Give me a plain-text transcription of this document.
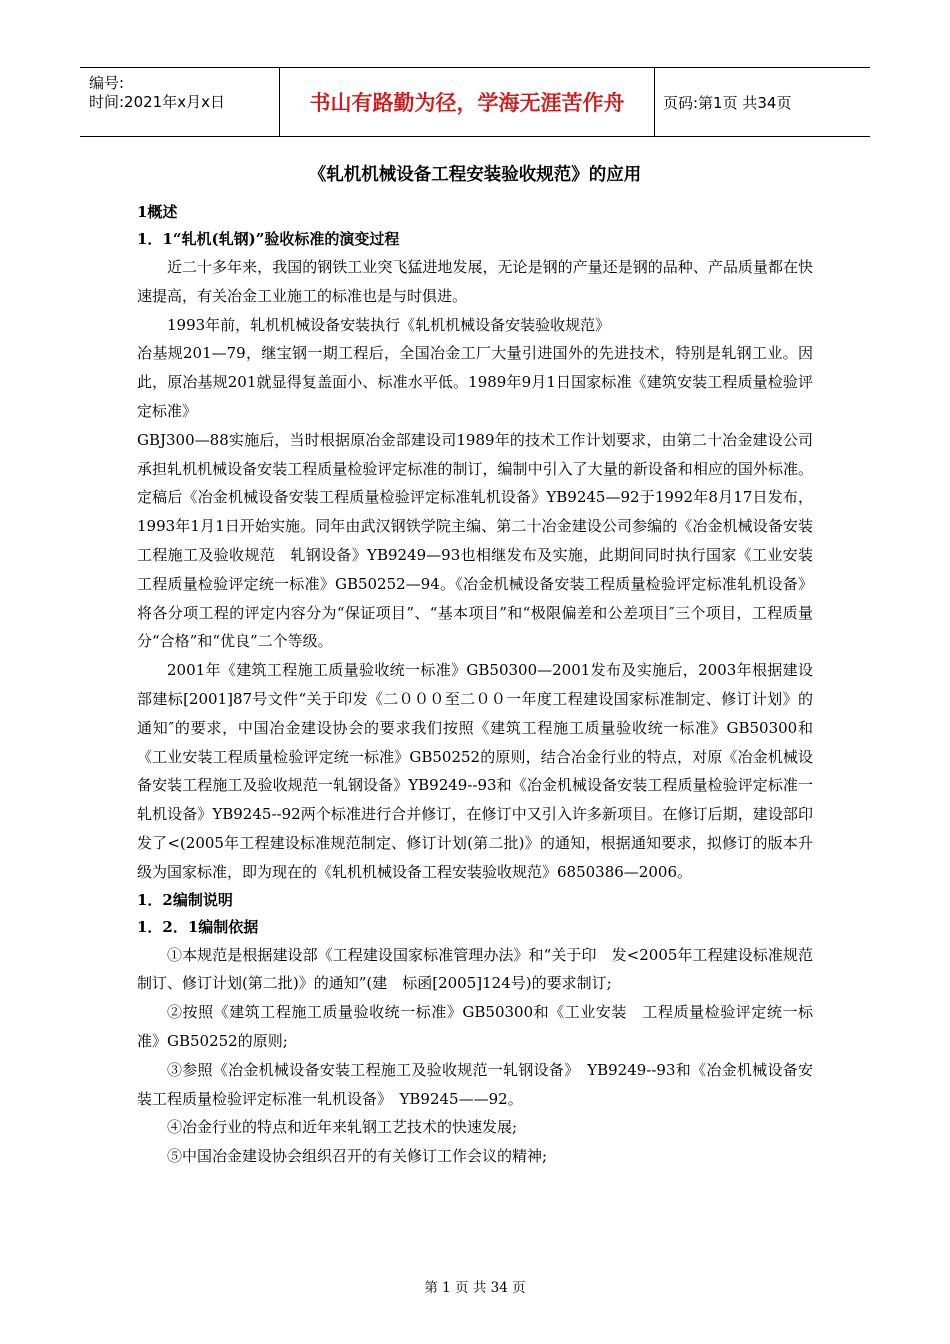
编号:
时间:2021年x月x日	书山有路勤为径，学海无涯苦作舟	页码:第1页 共34页
《轧机机械设备工程安装验收规范》的应用
1概述
1．1“轧机(轧钢)”验收标准的演变过程

近二十多年来，我国的钢铁工业突飞猛进地发展，无论是钢的产量还是钢的品种、产品质量都在快速提高，有关冶金工业施工的标准也是与时俱进。

1993年前，轧机机械设备安装执行《轧机机械设备安装验收规范》

冶基规201—79，继宝钢一期工程后，全国冶金工厂大量引进国外的先进技术，特别是轧钢工业。因此，原冶基规201就显得复盖面小、标准水平低。1989年9月1日国家标准《建筑安装工程质量检验评定标准》

GBJ300—88实施后，当时根据原冶金部建设司1989年的技术工作计划要求，由第二十冶金建设公司承担轧机机械设备安装工程质量检验评定标准的制订，编制中引入了大量的新设备和相应的国外标准。定稿后《冶金机械设备安装工程质量检验评定标准轧机设备》YB9245—92于1992年8月17日发布，1993年1月1日开始实施。同年由武汉钢铁学院主编、第二十冶金建设公司参编的《冶金机械设备安装工程施工及验收规范　轧钢设备》YB9249—93也相继发布及实施，此期间同时执行国家《工业安装工程质量检验评定统一标准》GB50252—94。《冶金机械设备安装工程质量检验评定标准轧机设备》将各分项工程的评定内容分为“保证项目”、“基本项目”和“极限偏差和公差项目″三个项目，工程质量分“合格”和“优良”二个等级。

2001年《建筑工程施工质量验收统一标准》GB50300—2001发布及实施后，2003年根据建设部建标[2001]87号文件“关于印发《二０００至二００一年度工程建设国家标准制定、修订计划》的通知″的要求，中国冶金建设协会的要求我们按照《建筑工程施工质量验收统一标准》GB50300和《工业安装工程质量检验评定统一标准》GB50252的原则，结合冶金行业的特点，对原《冶金机械设备安装工程施工及验收规范一轧钢设备》YB9249--93和《冶金机械设备安装工程质量检验评定标准一轧机设备》YB9245--92两个标准进行合并修订，在修订中又引入许多新项目。在修订后期，建设部印发了<(2005年工程建设标准规范制定、修订计划(第二批)》的通知，根据通知要求，拟修订的版本升级为国家标准，即为现在的《轧机机械设备工程安装验收规范》6850386—2006。

1．2编制说明
1．2．1编制依据

①本规范是根据建设部《工程建设国家标准管理办法》和“关于印　发<2005年工程建设标准规范制订、修订计划(第二批)》的通知”(建　标函[2005]124号)的要求制订;

②按照《建筑工程施工质量验收统一标准》GB50300和《工业安装　工程质量检验评定统一标准》GB50252的原则;

③参照《冶金机械设备安装工程施工及验收规范一轧钢设备》　YB9249--93和《冶金机械设备安装工程质量检验评定标准一轧机设备》　YB9245——92。

④冶金行业的特点和近年来轧钢工艺技术的快速发展;

⑤中国冶金建设协会组织召开的有关修订工作会议的精神;

第 1 页 共 34 页
